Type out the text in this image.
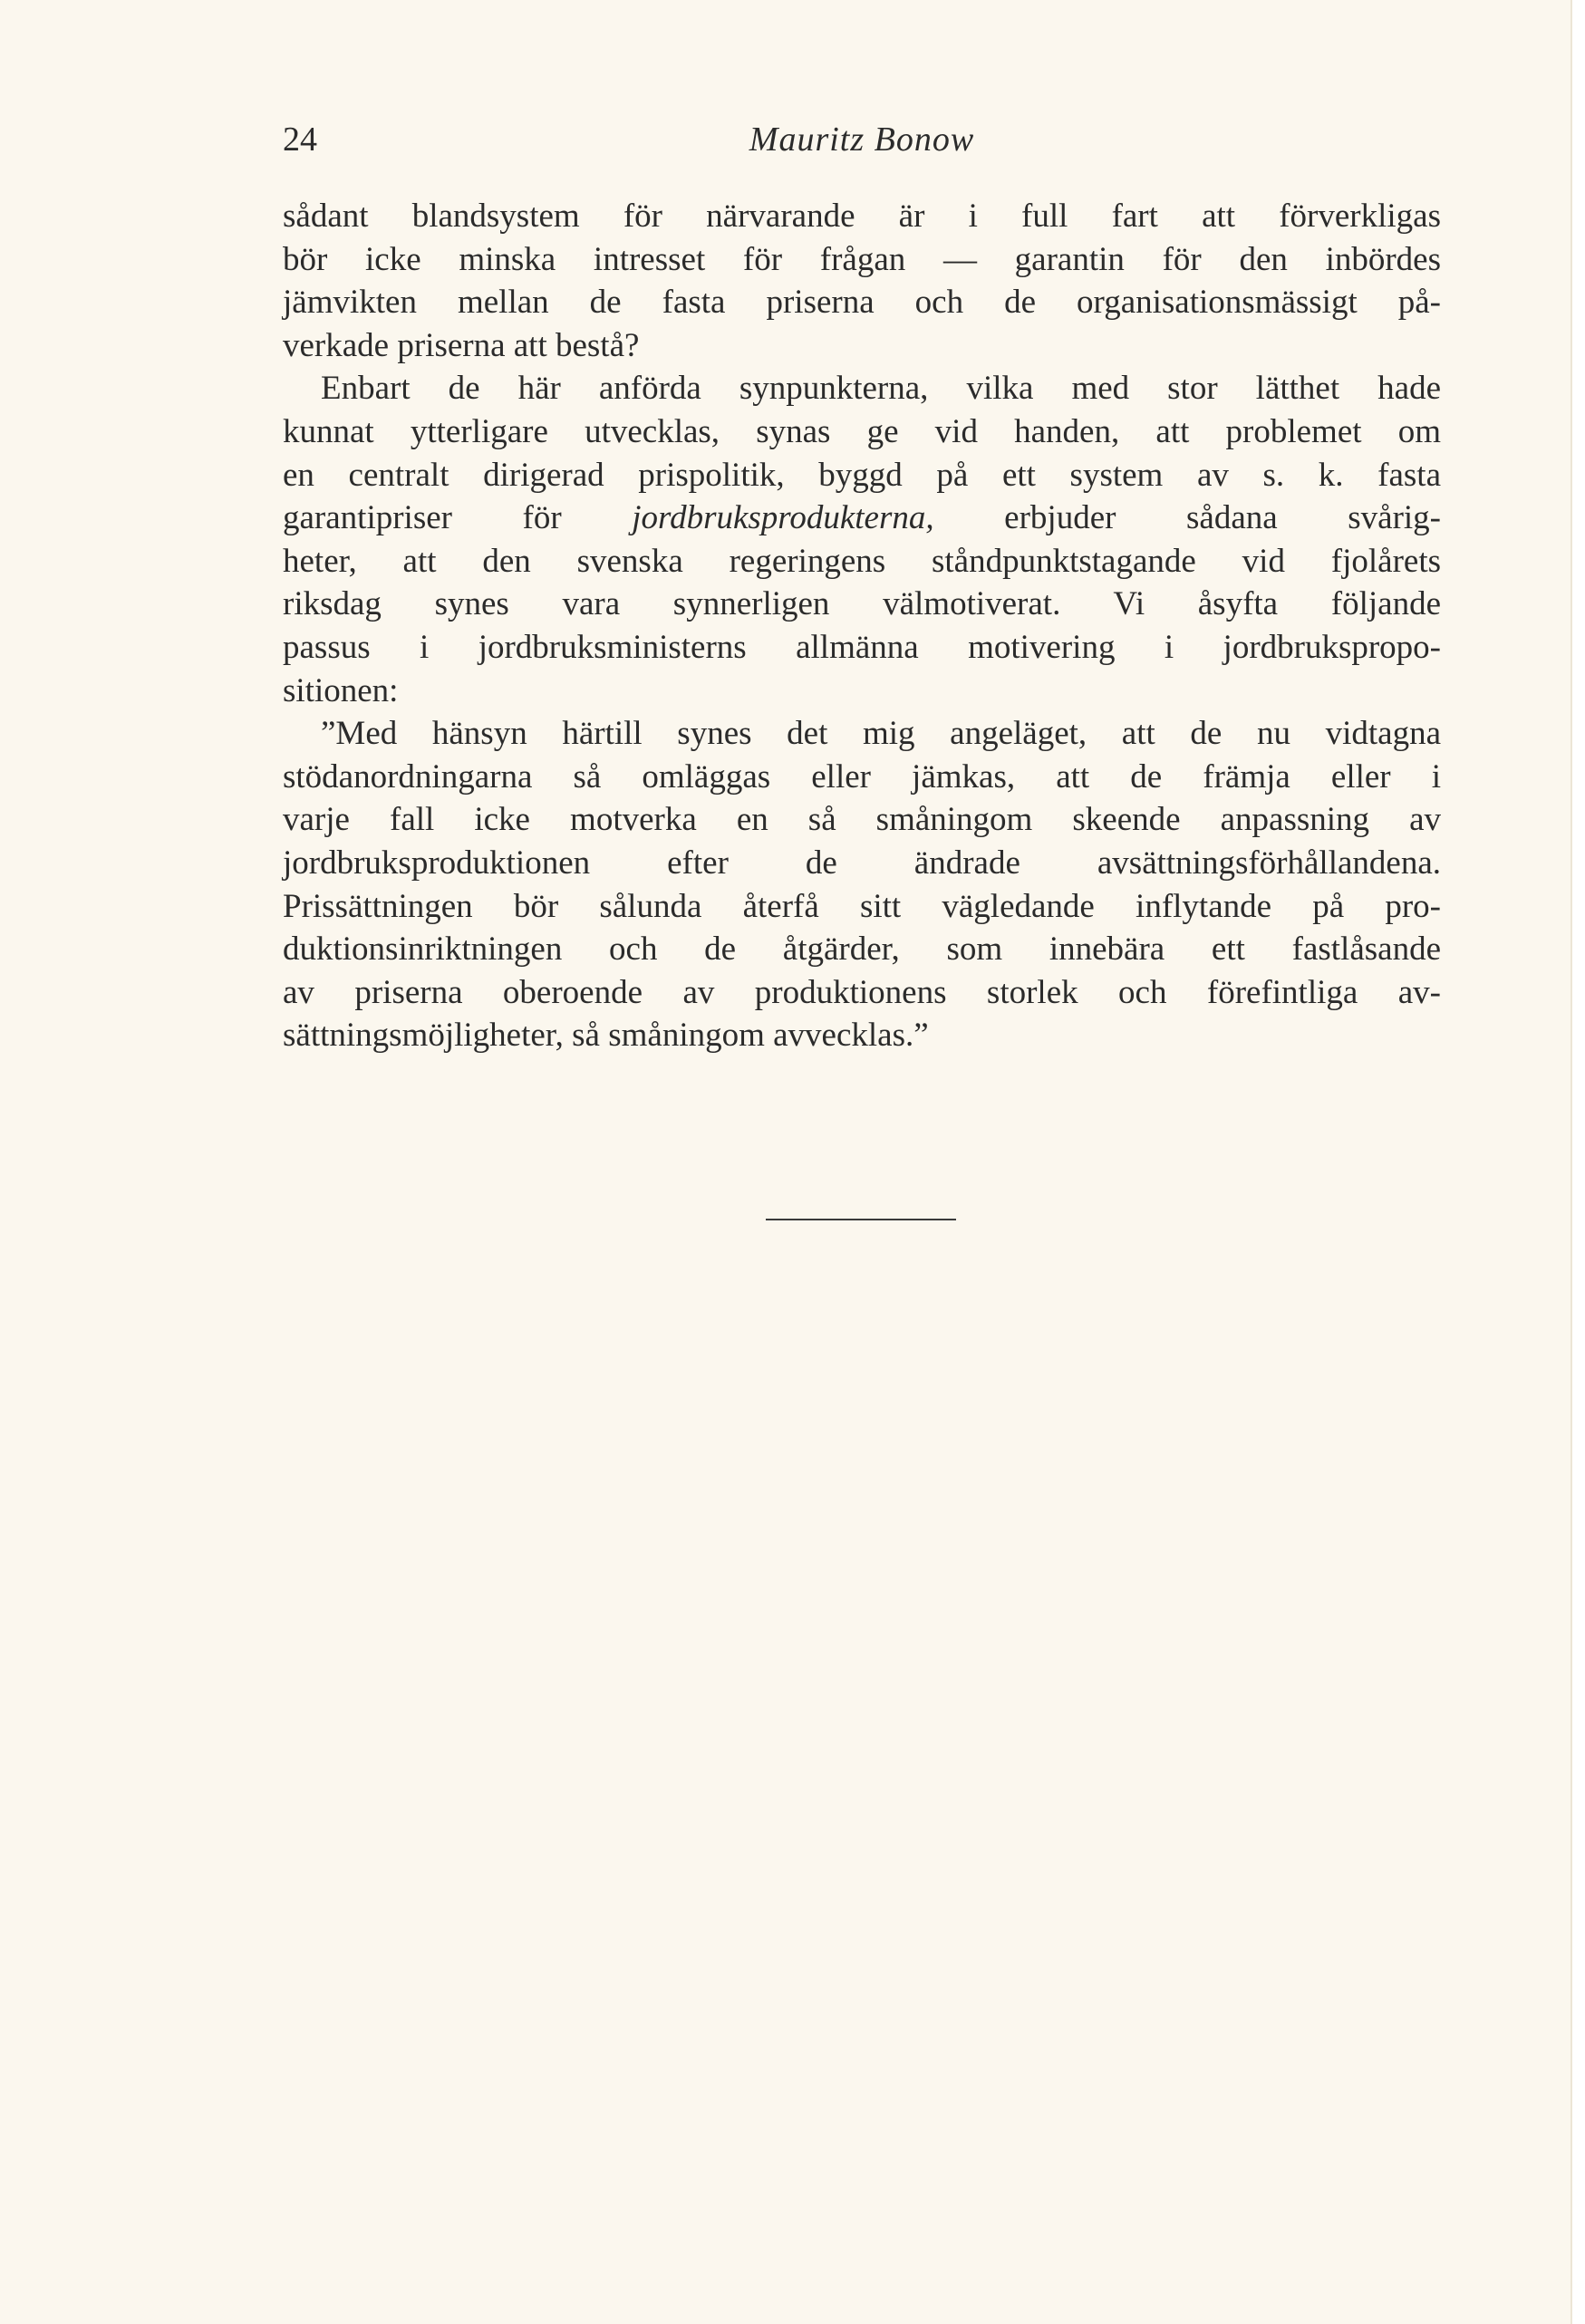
24	Mauritz Bonow
sådant blandsystem för närvarande är i full fart att förverkligas
bör icke minska intresset för frågan — garantin för den inbördes
jämvikten mellan de fasta priserna och de organisationsmässigt på-
verkade priserna att bestå?
Enbart de här anförda synpunkterna, vilka med stor lätthet hade
kunnat ytterligare utvecklas, synas ge vid handen, att problemet om
en centralt dirigerad prispolitik, byggd på ett system av s. k. fasta
garantipriser för jordbruksprodukterna, erbjuder sådana svårig-
heter, att den svenska regeringens ståndpunktstagande vid fjolårets
riksdag synes vara synnerligen välmotiverat. Vi åsyfta följande
passus i jordbruksministerns allmänna motivering i jordbrukspropo-
sitionen:
”Med hänsyn härtill synes det mig angeläget, att de nu vidtagna
stödanordningarna så omläggas eller jämkas, att de främja eller i
varje fall icke motverka en så småningom skeende anpassning av
jordbruksproduktionen efter de ändrade avsättningsförhållandena.
Prissättningen bör sålunda återfå sitt vägledande inflytande på pro-
duktionsinriktningen och de åtgärder, som innebära ett fastlåsande
av priserna oberoende av produktionens storlek och förefintliga av-
sättningsmöjligheter, så småningom avvecklas.”
